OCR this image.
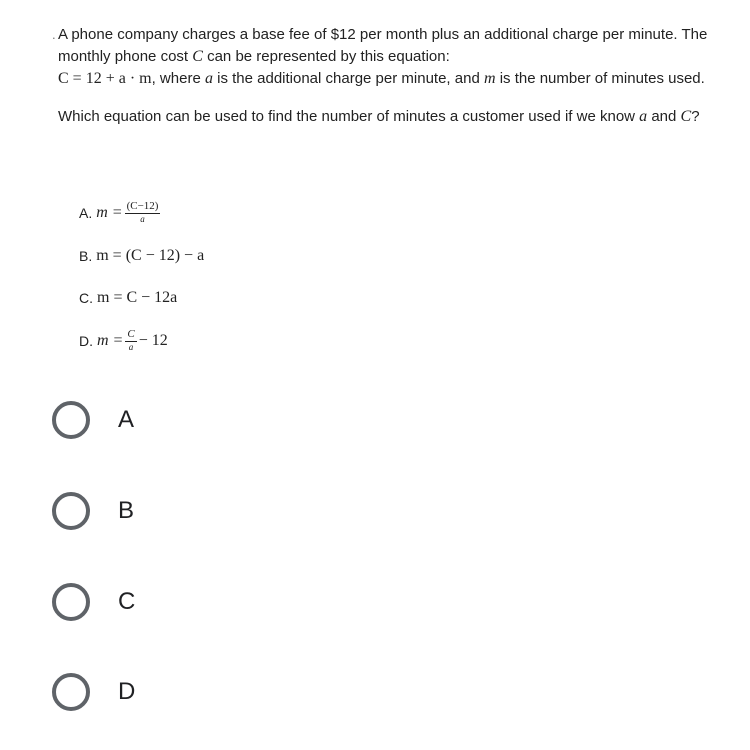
. A phone company charges a base fee of $12 per month plus an additional charge per minute. The monthly phone cost C can be represented by this equation:
C = 12 + a · m, where a is the additional charge per minute, and m is the number of minutes used.

Which equation can be used to find the number of minutes a customer used if we know a and C?

A. $m = \frac{(C-12)}{a}$
B. m = (C − 12) − a
C. m = C − 12a
D. $m = \frac{C}{a} - 12$
A
B
C
D
